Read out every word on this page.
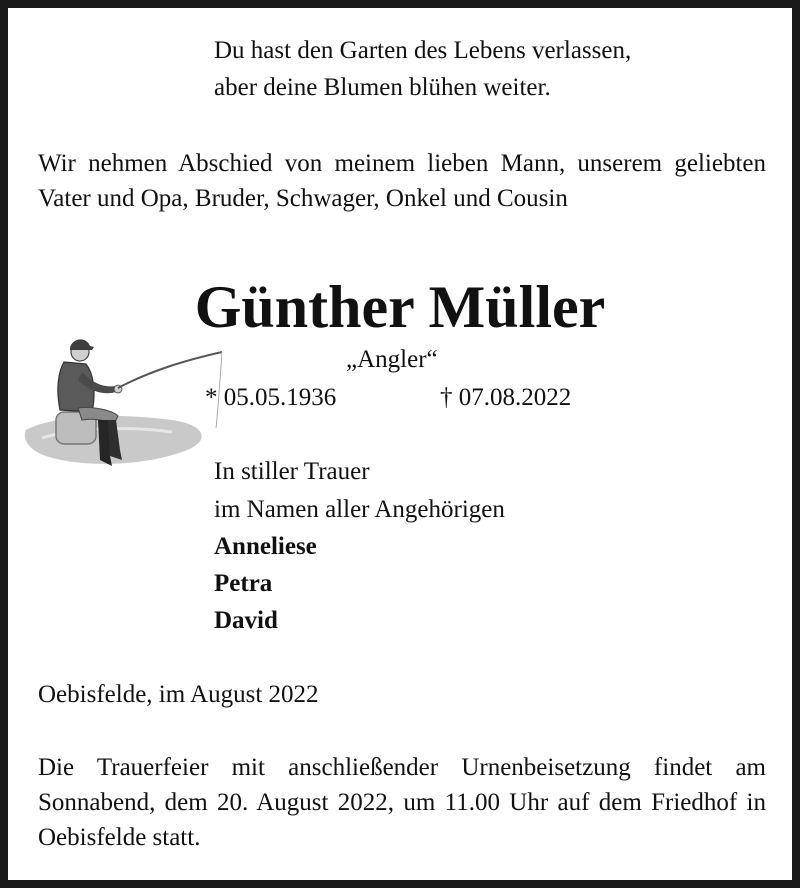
Du hast den Garten des Lebens verlassen,
aber deine Blumen blühen weiter.
Wir nehmen Abschied von meinem lieben Mann, unserem geliebten Vater und Opa, Bruder, Schwager, Onkel und Cousin
Günther Müller
„Angler“
* 05.05.1936	† 07.08.2022
In stiller Trauer
im Namen aller Angehörigen
Anneliese
Petra
David
Oebisfelde, im August 2022
Die Trauerfeier mit anschließender Urnenbeisetzung findet am Sonnabend, dem 20. August 2022, um 11.00 Uhr auf dem Friedhof in Oebisfelde statt.
